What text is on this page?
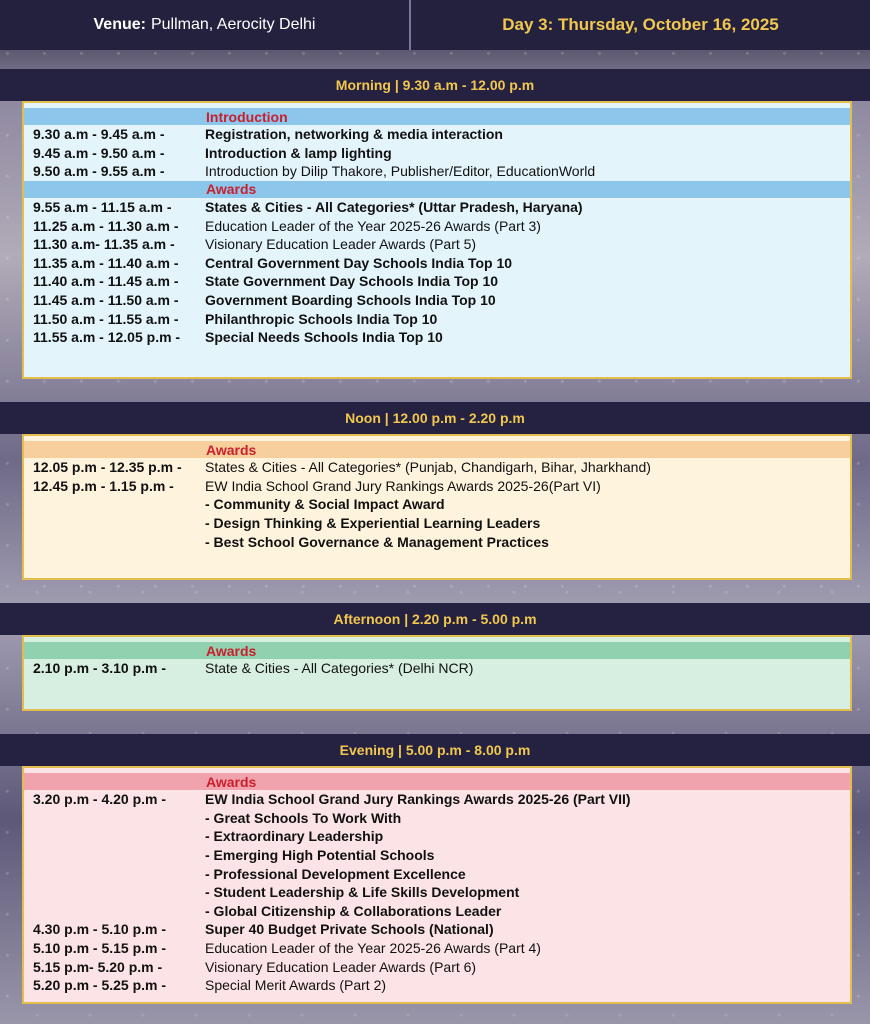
Venue: Pullman, Aerocity Delhi	Day 3: Thursday, October 16, 2025
Morning | 9.30 a.m - 12.00 p.m
Introduction
9.30 a.m - 9.45 a.m -	Registration, networking & media interaction
9.45 a.m - 9.50 a.m -	Introduction & lamp lighting
9.50 a.m - 9.55 a.m -	Introduction by Dilip Thakore, Publisher/Editor, EducationWorld
Awards
9.55 a.m - 11.15 a.m -	States & Cities - All Categories* (Uttar Pradesh, Haryana)
11.25 a.m - 11.30 a.m -	Education Leader of the Year 2025-26 Awards (Part 3)
11.30 a.m- 11.35 a.m -	Visionary Education Leader Awards (Part 5)
11.35 a.m - 11.40 a.m -	Central Government Day Schools India Top 10
11.40 a.m - 11.45 a.m -	State Government Day Schools India Top 10
11.45 a.m - 11.50 a.m -	Government Boarding Schools India Top 10
11.50 a.m - 11.55 a.m -	Philanthropic Schools India Top 10
11.55 a.m - 12.05 p.m -	Special Needs Schools India Top 10
Noon | 12.00 p.m - 2.20 p.m
Awards
12.05 p.m - 12.35 p.m -	States & Cities - All Categories* (Punjab, Chandigarh, Bihar, Jharkhand)
12.45 p.m - 1.15 p.m -	EW India School Grand Jury Rankings Awards 2025-26(Part VI)
- Community & Social Impact Award
- Design Thinking & Experiential Learning Leaders
- Best School Governance & Management Practices
Afternoon | 2.20 p.m - 5.00 p.m
Awards
2.10 p.m - 3.10 p.m -	State & Cities - All Categories* (Delhi NCR)
Evening | 5.00 p.m - 8.00 p.m
Awards
3.20 p.m - 4.20 p.m -	EW India School Grand Jury Rankings Awards 2025-26 (Part VII)
- Great Schools To Work With
- Extraordinary Leadership
- Emerging High Potential Schools
- Professional Development Excellence
- Student Leadership & Life Skills Development
- Global Citizenship & Collaborations Leader
4.30 p.m - 5.10 p.m -	Super 40 Budget Private Schools (National)
5.10 p.m - 5.15 p.m -	Education Leader of the Year 2025-26 Awards (Part 4)
5.15 p.m- 5.20 p.m -	Visionary Education Leader Awards (Part 6)
5.20 p.m - 5.25 p.m -	Special Merit Awards (Part 2)
